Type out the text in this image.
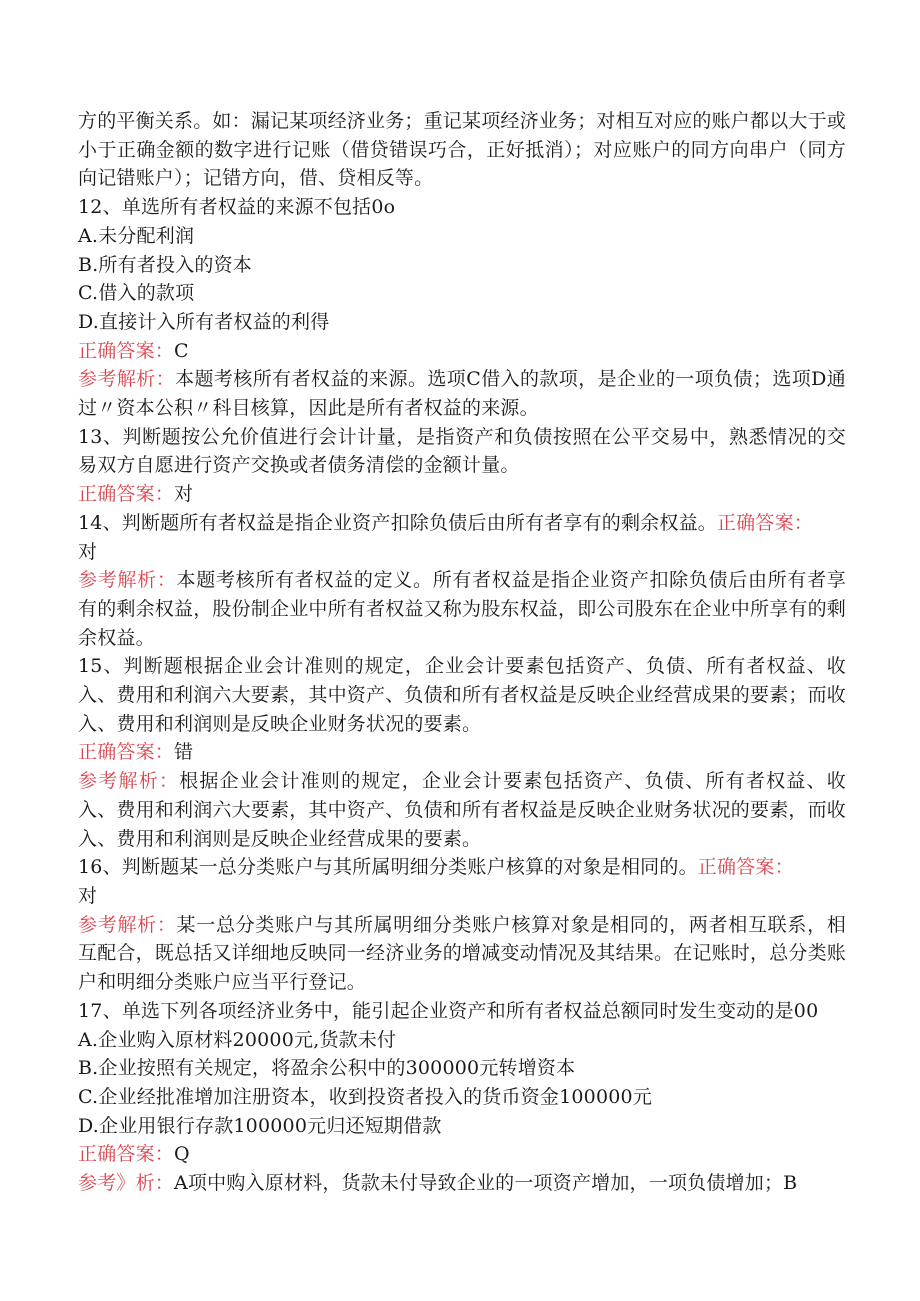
方的平衡关系。如：漏记某项经济业务；重记某项经济业务；对相互对应的账户都以大于或小于正确金额的数字进行记账（借贷错误巧合，正好抵消）；对应账户的同方向串户（同方向记错账户）；记错方向，借、贷相反等。

12、单选所有者权益的来源不包括0o

A.未分配利润

B.所有者投入的资本

C.借入的款项

D.直接计入所有者权益的利得

正确答案：C

参考解析：本题考核所有者权益的来源。选项C借入的款项，是企业的一项负债；选项D通过〃资本公积〃科目核算，因此是所有者权益的来源。

13、判断题按公允价值进行会计计量，是指资产和负债按照在公平交易中，熟悉情况的交易双方自愿进行资产交换或者债务清偿的金额计量。

正确答案：对

14、判断题所有者权益是指企业资产扣除负债后由所有者享有的剩余权益。正确答案：
对

参考解析：本题考核所有者权益的定义。所有者权益是指企业资产扣除负债后由所有者享有的剩余权益，股份制企业中所有者权益又称为股东权益，即公司股东在企业中所享有的剩余权益。

15、判断题根据企业会计准则的规定，企业会计要素包括资产、负债、所有者权益、收入、费用和利润六大要素，其中资产、负债和所有者权益是反映企业经营成果的要素；而收入、费用和利润则是反映企业财务状况的要素。

正确答案：错

参考解析：根据企业会计准则的规定，企业会计要素包括资产、负债、所有者权益、收入、费用和利润六大要素，其中资产、负债和所有者权益是反映企业财务状况的要素，而收入、费用和利润则是反映企业经营成果的要素。

16、判断题某一总分类账户与其所属明细分类账户核算的对象是相同的。正确答案：
对

参考解析：某一总分类账户与其所属明细分类账户核算对象是相同的，两者相互联系，相互配合，既总括又详细地反映同一经济业务的增减变动情况及其结果。在记账时，总分类账户和明细分类账户应当平行登记。

17、单选下列各项经济业务中，能引起企业资产和所有者权益总额同时发生变动的是00

A.企业购入原材料20000元,货款未付

B.企业按照有关规定，将盈余公积中的300000元转增资本

C.企业经批准增加注册资本，收到投资者投入的货币资金100000元

D.企业用银行存款100000元归还短期借款

正确答案：Q

参考》析：A项中购入原材料，货款未付导致企业的一项资产增加，一项负债增加；B
